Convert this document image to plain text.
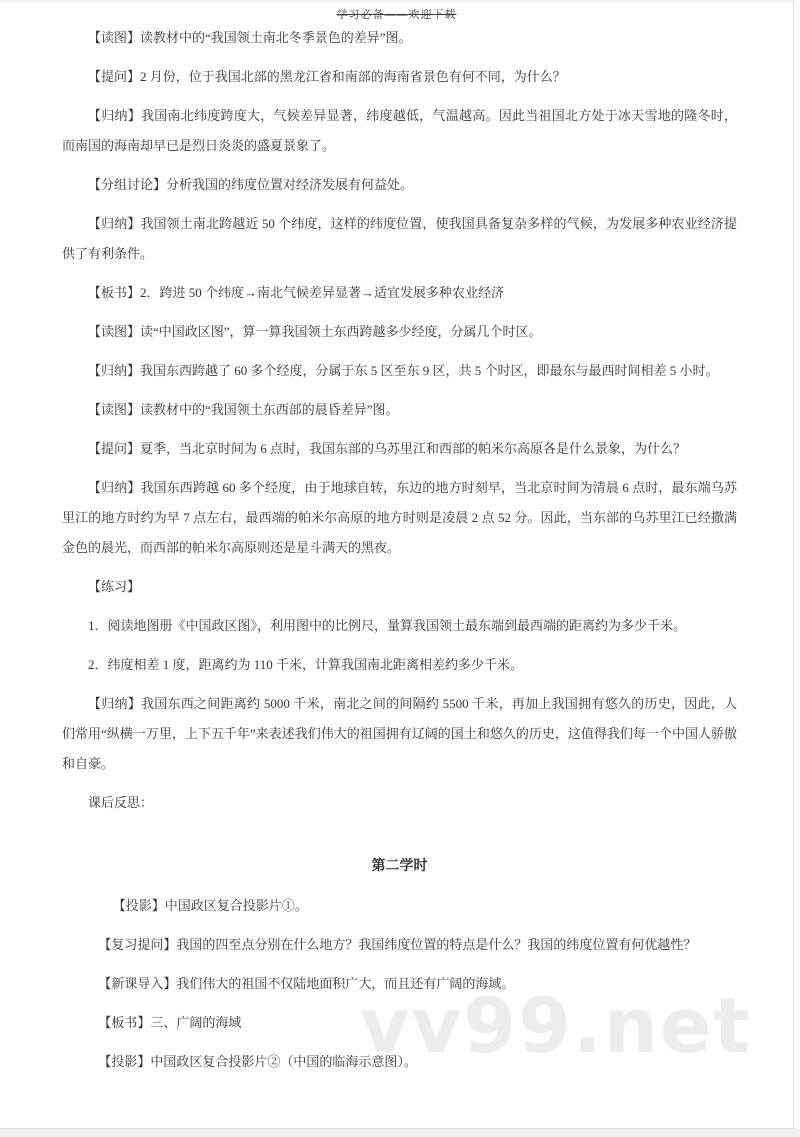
vv99.net
学习必备——欢迎下载

【读图】读教材中的“我国领土南北冬季景色的差异”图。

【提问】2 月份，位于我国北部的黑龙江省和南部的海南省景色有何不同，为什么？

【归纳】我国南北纬度跨度大，气候差异显著，纬度越低，气温越高。因此当祖国北方处于冰天雪地的隆冬时，而南国的海南却早已是烈日炎炎的盛夏景象了。

【分组讨论】分析我国的纬度位置对经济发展有何益处。

【归纳】我国领土南北跨越近 50 个纬度，这样的纬度位置，使我国具备复杂多样的气候，为发展多种农业经济提供了有利条件。

【板书】2．跨进 50 个纬度→南北气候差异显著→适宜发展多种农业经济

【读图】读“中国政区图”，算一算我国领土东西跨越多少经度，分属几个时区。

【归纳】我国东西跨越了 60 多个经度，分属于东 5 区至东 9 区，共 5 个时区，即最东与最西时间相差 5 小时。

【读图】读教材中的“我国领土东西部的晨昏差异”图。

【提问】夏季，当北京时间为 6 点时，我国东部的乌苏里江和西部的帕米尔高原各是什么景象，为什么？

【归纳】我国东西跨越 60 多个经度，由于地球自转，东边的地方时刻早，当北京时间为清晨 6 点时，最东端乌苏里江的地方时约为早 7 点左右，最西端的帕米尔高原的地方时则是凌晨 2 点 52 分。因此，当东部的乌苏里江已经撒满金色的晨光，而西部的帕米尔高原则还是星斗满天的黑夜。

【练习】

1．阅读地图册《中国政区图》，利用图中的比例尺，量算我国领土最东端到最西端的距离约为多少千米。

2．纬度相差 1 度，距离约为 110 千米，计算我国南北距离相差约多少千米。

【归纳】我国东西之间距离约 5000 千米，南北之间的间隔约 5500 千米，再加上我国拥有悠久的历史，因此，人们常用“纵横一万里，上下五千年”来表述我们伟大的祖国拥有辽阔的国土和悠久的历史，这值得我们每一个中国人骄傲和自豪。

课后反思：

第二学时

【投影】中国政区复合投影片①。

【复习提问】我国的四至点分别在什么地方？我国纬度位置的特点是什么？我国的纬度位置有何优越性？

【新课导入】我们伟大的祖国不仅陆地面积广大，而且还有广阔的海域。

【板书】三、广阔的海域

【投影】中国政区复合投影片②（中国的临海示意图）。
